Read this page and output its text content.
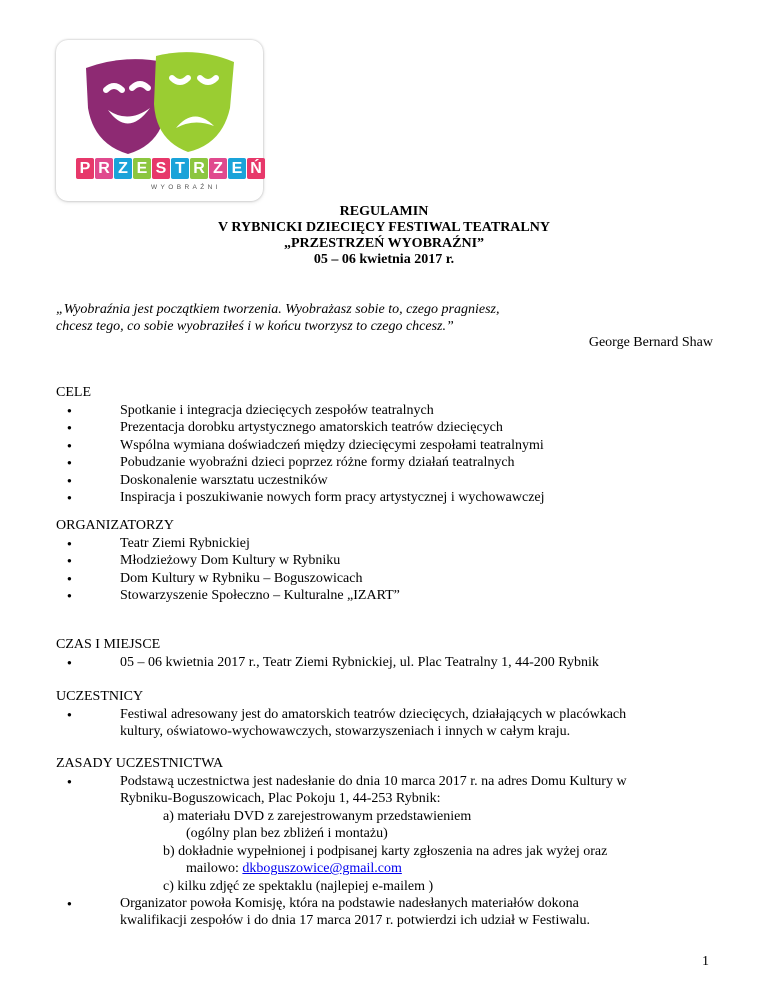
P R Z E S T R Z E Ń
WYOBRAŹNI
REGULAMIN
V RYBNICKI DZIECIĘCY FESTIWAL TEATRALNY
„PRZESTRZEŃ WYOBRAŹNI”
05 – 06 kwietnia 2017 r.
„Wyobraźnia jest początkiem tworzenia. Wyobrażasz sobie to, czego pragniesz,
chcesz tego, co sobie wyobraziłeś i w końcu tworzysz to czego chcesz.”
George Bernard Shaw
CELE
● Spotkanie i integracja dziecięcych zespołów teatralnych
● Prezentacja dorobku artystycznego amatorskich teatrów dziecięcych
● Wspólna wymiana doświadczeń między dziecięcymi zespołami teatralnymi
● Pobudzanie wyobraźni dzieci poprzez różne formy działań teatralnych
● Doskonalenie warsztatu uczestników
● Inspiracja i poszukiwanie nowych form pracy artystycznej i wychowawczej
ORGANIZATORZY
● Teatr Ziemi Rybnickiej
● Młodzieżowy Dom Kultury w Rybniku
● Dom Kultury w Rybniku – Boguszowicach
● Stowarzyszenie Społeczno – Kulturalne „IZART”
CZAS I MIEJSCE
● 05 – 06 kwietnia 2017 r., Teatr Ziemi Rybnickiej, ul. Plac Teatralny 1, 44-200 Rybnik
UCZESTNICY
● Festiwal adresowany jest do amatorskich teatrów dziecięcych, działających w placówkach
kultury, oświatowo-wychowawczych, stowarzyszeniach i innych w całym kraju.
ZASADY UCZESTNICTWA
● Podstawą uczestnictwa jest nadesłanie do dnia 10 marca 2017 r. na adres Domu Kultury w
Rybniku-Boguszowicach, Plac Pokoju 1, 44-253 Rybnik:
a) materiału DVD z zarejestrowanym przedstawieniem
(ogólny plan bez zbliżeń i montażu)
b) dokładnie wypełnionej i podpisanej karty zgłoszenia na adres jak wyżej oraz
mailowo: dkboguszowice@gmail.com
c) kilku zdjęć ze spektaklu (najlepiej e-mailem )
● Organizator powoła Komisję, która na podstawie nadesłanych materiałów dokona
kwalifikacji zespołów i do dnia 17 marca 2017 r. potwierdzi ich udział w Festiwalu.
1
